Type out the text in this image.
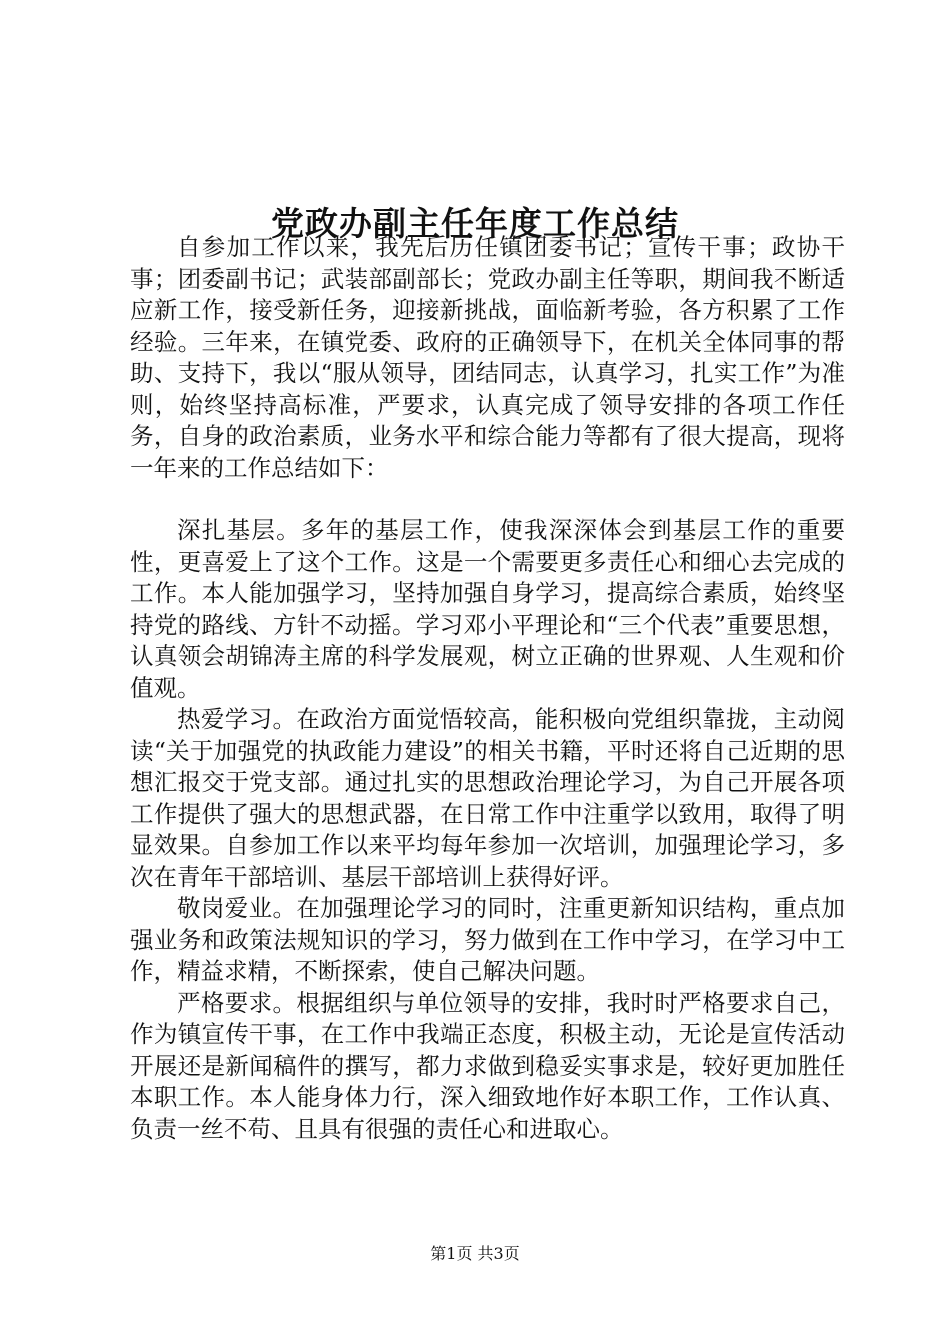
党政办副主任年度工作总结

自参加工作以来，我先后历任镇团委书记；宣传干事；政协干事；团委副书记；武装部副部长；党政办副主任等职，期间我不断适应新工作，接受新任务，迎接新挑战，面临新考验，各方积累了工作经验。三年来，在镇党委、政府的正确领导下，在机关全体同事的帮助、支持下，我以“服从领导，团结同志，认真学习，扎实工作”为准则，始终坚持高标准，严要求，认真完成了领导安排的各项工作任务，自身的政治素质，业务水平和综合能力等都有了很大提高，现将一年来的工作总结如下：

深扎基层。多年的基层工作，使我深深体会到基层工作的重要性，更喜爱上了这个工作。这是一个需要更多责任心和细心去完成的工作。本人能加强学习，坚持加强自身学习，提高综合素质，始终坚持党的路线、方针不动摇。学习邓小平理论和“三个代表”重要思想，认真领会胡锦涛主席的科学发展观，树立正确的世界观、人生观和价值观。

热爱学习。在政治方面觉悟较高，能积极向党组织靠拢，主动阅读“关于加强党的执政能力建设”的相关书籍，平时还将自己近期的思想汇报交于党支部。通过扎实的思想政治理论学习，为自己开展各项工作提供了强大的思想武器，在日常工作中注重学以致用，取得了明显效果。自参加工作以来平均每年参加一次培训，加强理论学习，多次在青年干部培训、基层干部培训上获得好评。

敬岗爱业。在加强理论学习的同时，注重更新知识结构，重点加强业务和政策法规知识的学习，努力做到在工作中学习，在学习中工作，精益求精，不断探索，使自己解决问题。

严格要求。根据组织与单位领导的安排，我时时严格要求自己，作为镇宣传干事，在工作中我端正态度，积极主动，无论是宣传活动开展还是新闻稿件的撰写，都力求做到稳妥实事求是，较好更加胜任本职工作。本人能身体力行，深入细致地作好本职工作，工作认真、负责一丝不苟、且具有很强的责任心和进取心。

第1页 共3页
